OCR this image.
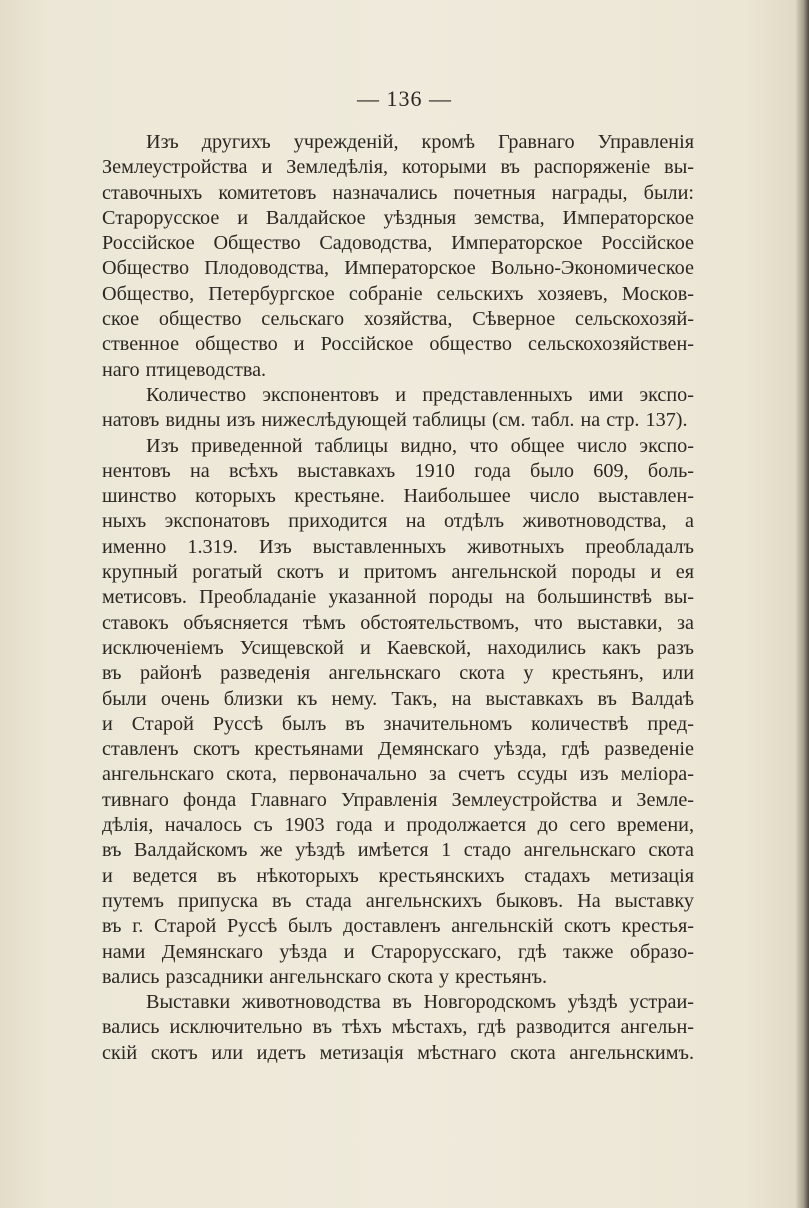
— 136 —
Изъ другихъ учрежденій, кромѣ Гравнаго Управленія
Землеустройства и Земледѣлія, которыми въ распоряженіе вы-
ставочныхъ комитетовъ назначались почетныя награды, были:
Старорусское и Валдайское уѣздныя земства, Императорское
Россійское Общество Садоводства, Императорское Россійское
Общество Плодоводства, Императорское Вольно-Экономическое
Общество, Петербургское собраніе сельскихъ хозяевъ, Москов-
ское общество сельскаго хозяйства, Сѣверное сельскохозяй-
ственное общество и Россійское общество сельскохозяйствен-
наго птицеводства.
Количество экспонентовъ и представленныхъ ими экспо-
натовъ видны изъ нижеслѣдующей таблицы (см. табл. на стр. 137).
Изъ приведенной таблицы видно, что общее число экспо-
нентовъ на всѣхъ выставкахъ 1910 года было 609, боль-
шинство которыхъ крестьяне. Наибольшее число выставлен-
ныхъ экспонатовъ приходится на отдѣлъ животноводства, а
именно 1.319. Изъ выставленныхъ животныхъ преобладалъ
крупный рогатый скотъ и притомъ ангельнской породы и ея
метисовъ. Преобладаніе указанной породы на большинствѣ вы-
ставокъ объясняется тѣмъ обстоятельствомъ, что выставки, за
исключеніемъ Усищевской и Каевской, находились какъ разъ
въ районѣ разведенія ангельнскаго скота у крестьянъ, или
были очень близки къ нему. Такъ, на выставкахъ въ Валдаѣ
и Старой Руссѣ былъ въ значительномъ количествѣ пред-
ставленъ скотъ крестьянами Демянскаго уѣзда, гдѣ разведеніе
ангельнскаго скота, первоначально за счетъ ссуды изъ меліора-
тивнаго фонда Главнаго Управленія Землеустройства и Земле-
дѣлія, началось съ 1903 года и продолжается до сего времени,
въ Валдайскомъ же уѣздѣ имѣется 1 стадо ангельнскаго скота
и ведется въ нѣкоторыхъ крестьянскихъ стадахъ метизація
путемъ припуска въ стада ангельнскихъ быковъ. На выставку
въ г. Старой Руссѣ былъ доставленъ ангельнскій скотъ крестья-
нами Демянскаго уѣзда и Старорусскаго, гдѣ также образо-
вались разсадники ангельнскаго скота у крестьянъ.
Выставки животноводства въ Новгородскомъ уѣздѣ устраи-
вались исключительно въ тѣхъ мѣстахъ, гдѣ разводится ангельн-
скій скотъ или идетъ метизація мѣстнаго скота ангельнскимъ.
